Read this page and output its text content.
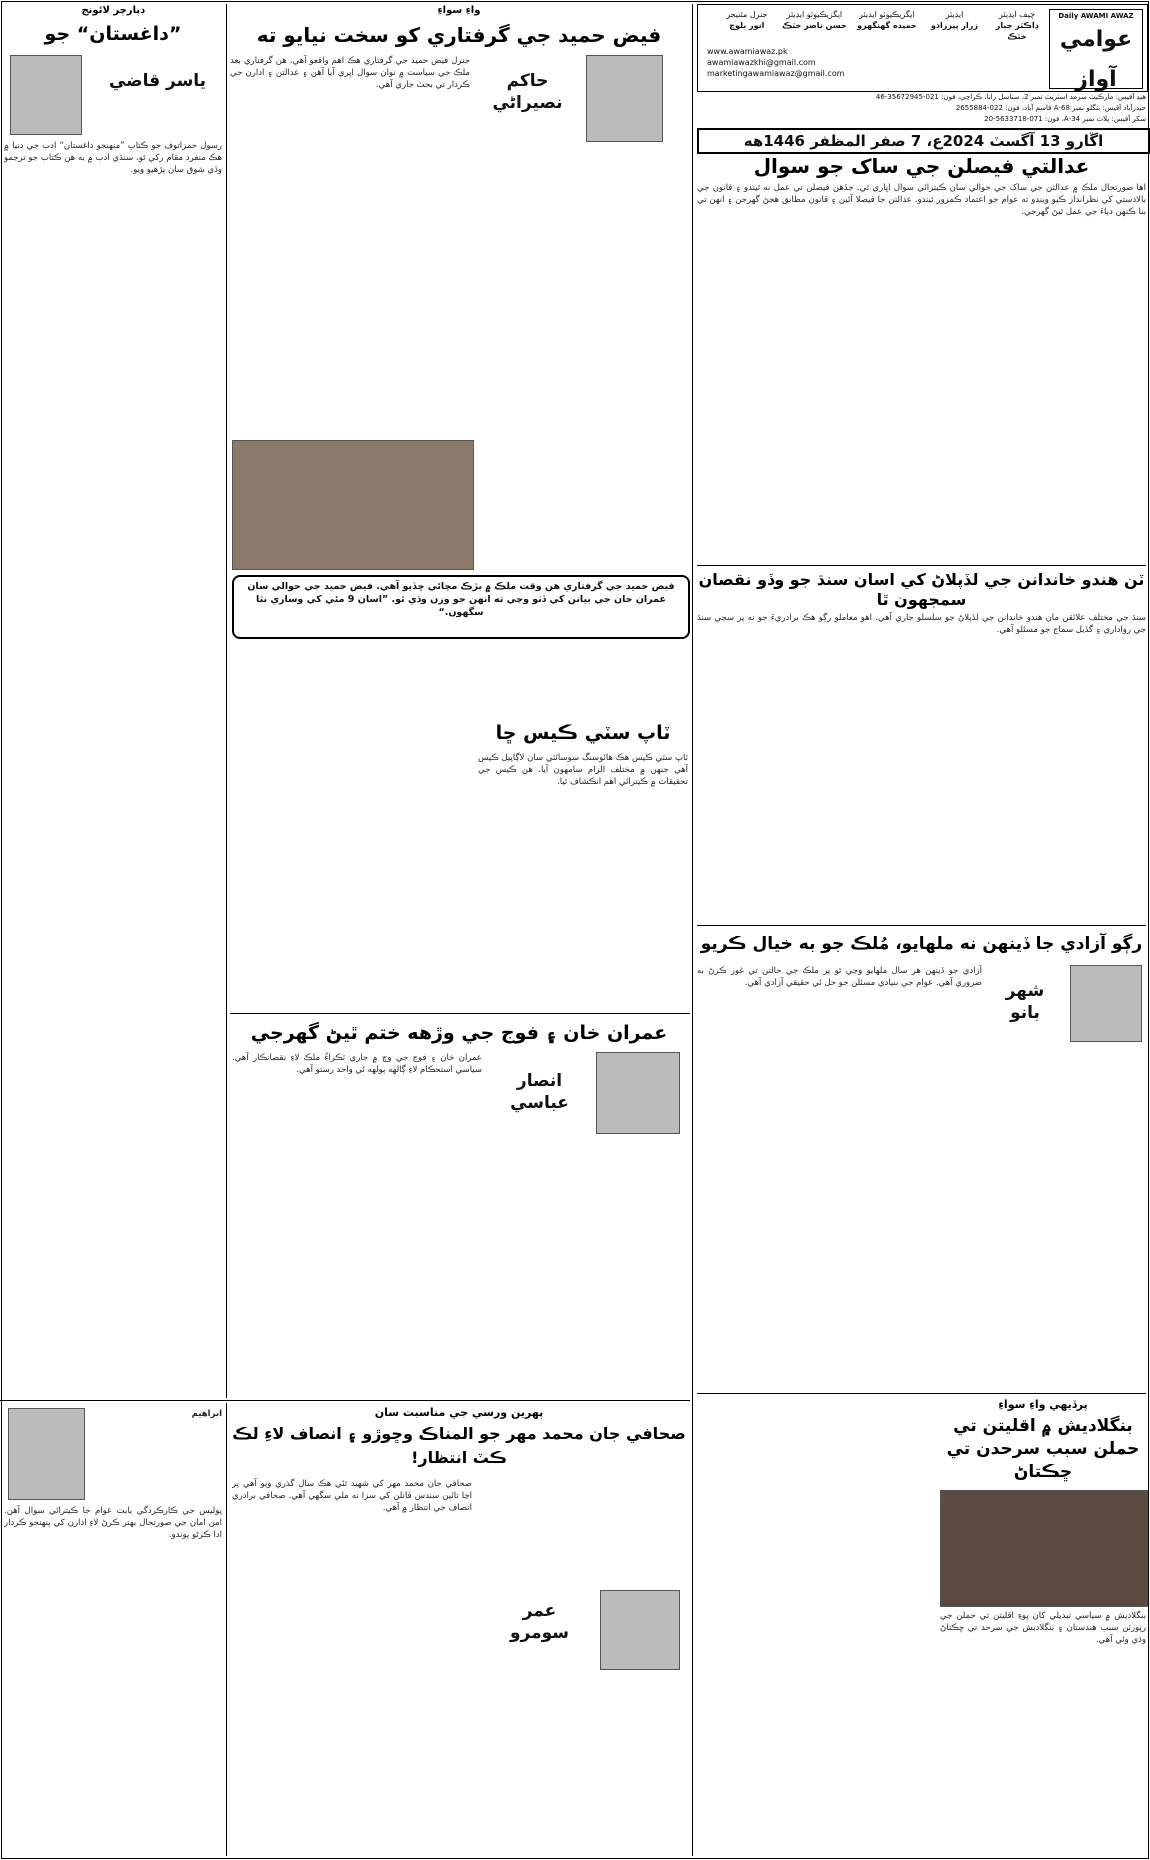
Daily AWAMI AWAZ
عوامي آواز
چيف ايڊيٽر
ڊاڪٽر جبار خٽڪ

ايڊيٽر
زرار پيرزادو

ايگزيڪيوٽو ايڊيٽر
حميده گهنگهرو

ايگزيڪيوٽو ايڊيٽر
حسن ناصر خٽڪ

جنرل مئنيجر
انور بلوچ
www.awamiawaz.pk
awamiawazkhi@gmail.com
marketingawamiawaz@gmail.com
هيڊ آفيس: مارڪيٽ سرمد اسٽريٽ نمبر 2، سناسل رانا، ڪراچي، فون: 021-35672945-46
حيدرآباد آفيس: بنگلو نمبر 68-A قاسم آباد، فون: 022-2655884
سکر آفيس: پلاٽ نمبر 34-A، فون: 071-5633718-20
اڱارو 13 آگسٽ 2024ع، 7 صفر المظفر 1446هه
عدالتي فيصلن جي ساک جو سوال
اها صورتحال ملڪ ۾ عدالتن جي ساک جي حوالي سان ڪيترائي سوال اڀاري ٿي. جڏهن فيصلن تي عمل نه ٿيندو ۽ قانون جي بالادستي کي نظرانداز ڪيو ويندو ته عوام جو اعتماد ڪمزور ٿيندو. عدالتن جا فيصلا آئين ۽ قانون مطابق هجڻ گهرجن ۽ انهن تي بنا ڪنهن دٻاءَ جي عمل ٿيڻ گهرجي.
ٽن هندو خاندانن جي لڏپلاڻ کي اسان سنڌ جو وڏو نقصان سمجهون ٿا
سنڌ جي مختلف علائقن مان هندو خاندانن جي لڏپلاڻ جو سلسلو جاري آهي. اهو معاملو رڳو هڪ برادريءَ جو نه پر سڄي سنڌ جي رواداري ۽ گڏيل سماج جو مسئلو آهي.
رڳو آزادي جا ڏينهن نه ملهايو، مُلڪ جو به خيال ڪريو
شهر بانو
آزادي جو ڏينهن هر سال ملهايو وڃي ٿو پر ملڪ جي حالتن تي غور ڪرڻ به ضروري آهي. عوام جي بنيادي مسئلن جو حل ئي حقيقي آزادي آهي.
پرڏيهي واءِ سواءِ
بنگلاديش ۾ اقليتن تي حملن سبب سرحدن تي ڇڪتاڻ
بنگلاديش ۾ سياسي تبديلي کان پوءِ اقليتن تي حملن جي رپورٽن سبب هندستان ۽ بنگلاديش جي سرحد تي ڇڪتاڻ وڌي وئي آهي.
واءِ سواءِ
فيض حميد جي گرفتاري کو سخت نيايو ته
حاکم نصيراڻي
جنرل فيض حميد جي گرفتاري هڪ اهم واقعو آهي. هن گرفتاري بعد ملڪ جي سياست ۾ نوان سوال اڀري آيا آهن ۽ عدالتن ۽ ادارن جي ڪردار تي بحث جاري آهي.
فيض حميد جي گرفتاري هن وقت ملڪ ۾ بڙڪ مچائي ڇڏيو آهي. فيض حميد جي حوالي سان عمران خان جي بيانن کي ڏٺو وڃي ته انهن جو وزن وڌي ٿو. ”اسان 9 مئي کي وساري نٿا سگهون.“
ٽاپ سٽي ڪيس ڇا
ٽاپ سٽي ڪيس هڪ هائوسنگ سوسائٽي سان لاڳاپيل ڪيس آهي جنهن ۾ مختلف الزام سامهون آيا. هن ڪيس جي تحقيقات ۾ ڪيترائي اهم انڪشاف ٿيا.
عمران خان ۽ فوج جي وڙهه ختم ٿيڻ گهرجي
انصار عباسي
عمران خان ۽ فوج جي وچ ۾ جاري ٽڪراءُ ملڪ لاءِ نقصانڪار آهي. سياسي استحڪام لاءِ ڳالهه ٻولهه ئي واحد رستو آهي.
ڊپارچر لائونج
”داغستان“ جو
ياسر قاضي
رسول حمزاتوف جو ڪتاب ”منهنجو داغستان“ ادب جي دنيا ۾ هڪ منفرد مقام رکي ٿو. سنڌي ادب ۾ به هن ڪتاب جو ترجمو وڏي شوق سان پڙهيو ويو.
پهرين ورسي جي مناسبت سان
صحافي جان محمد مهر جو المناڪ وڇوڙو ۽ انصاف لاءِ لڪ ڪٽ انتظار!
عمر سومرو
صحافي جان محمد مهر کي شهيد ٿئي هڪ سال گذري ويو آهي پر اڃا تائين سندس قاتلن کي سزا نه ملي سگهي آهي. صحافي برادري انصاف جي انتظار ۾ آهي.
ابراهيم
پوليس جي ڪارڪردگي بابت عوام جا ڪيترائي سوال آهن. امن امان جي صورتحال بهتر ڪرڻ لاءِ ادارن کي پنهنجو ڪردار ادا ڪرڻو پوندو.
